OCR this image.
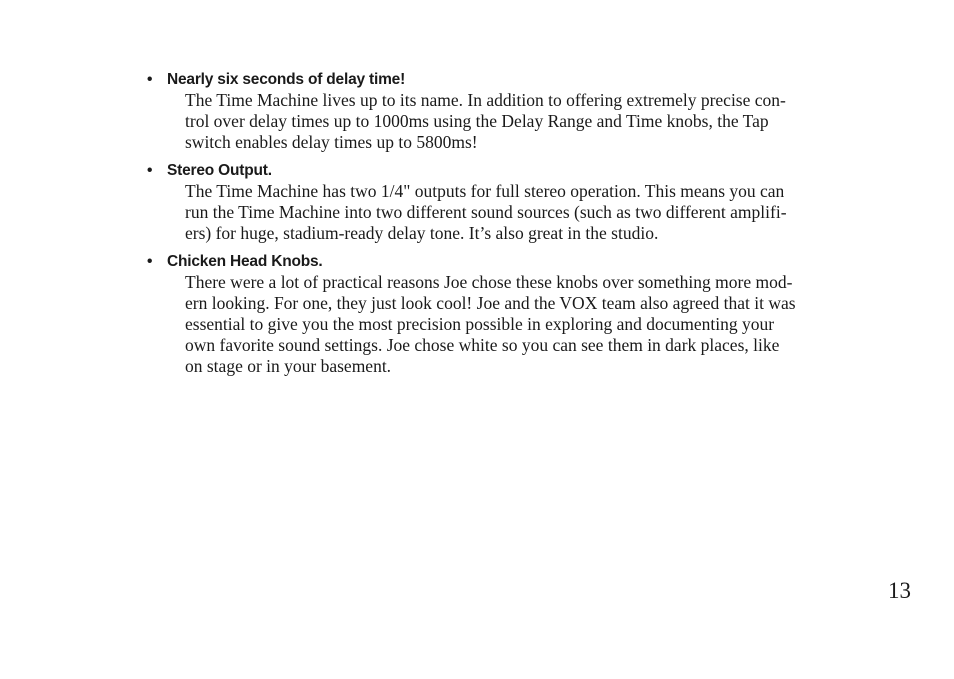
• Nearly six seconds of delay time!

The Time Machine lives up to its name. In addition to offering extremely precise con-
trol over delay times up to 1000ms using the Delay Range and Time knobs, the Tap
switch enables delay times up to 5800ms!

• Stereo Output.

The Time Machine has two 1/4" outputs for full stereo operation. This means you can
run the Time Machine into two different sound sources (such as two different amplifi-
ers) for huge, stadium-ready delay tone. It’s also great in the studio.

• Chicken Head Knobs.

There were a lot of practical reasons Joe chose these knobs over something more mod-
ern looking. For one, they just look cool! Joe and the VOX team also agreed that it was
essential to give you the most precision possible in exploring and documenting your
own favorite sound settings. Joe chose white so you can see them in dark places, like
on stage or in your basement.

13
